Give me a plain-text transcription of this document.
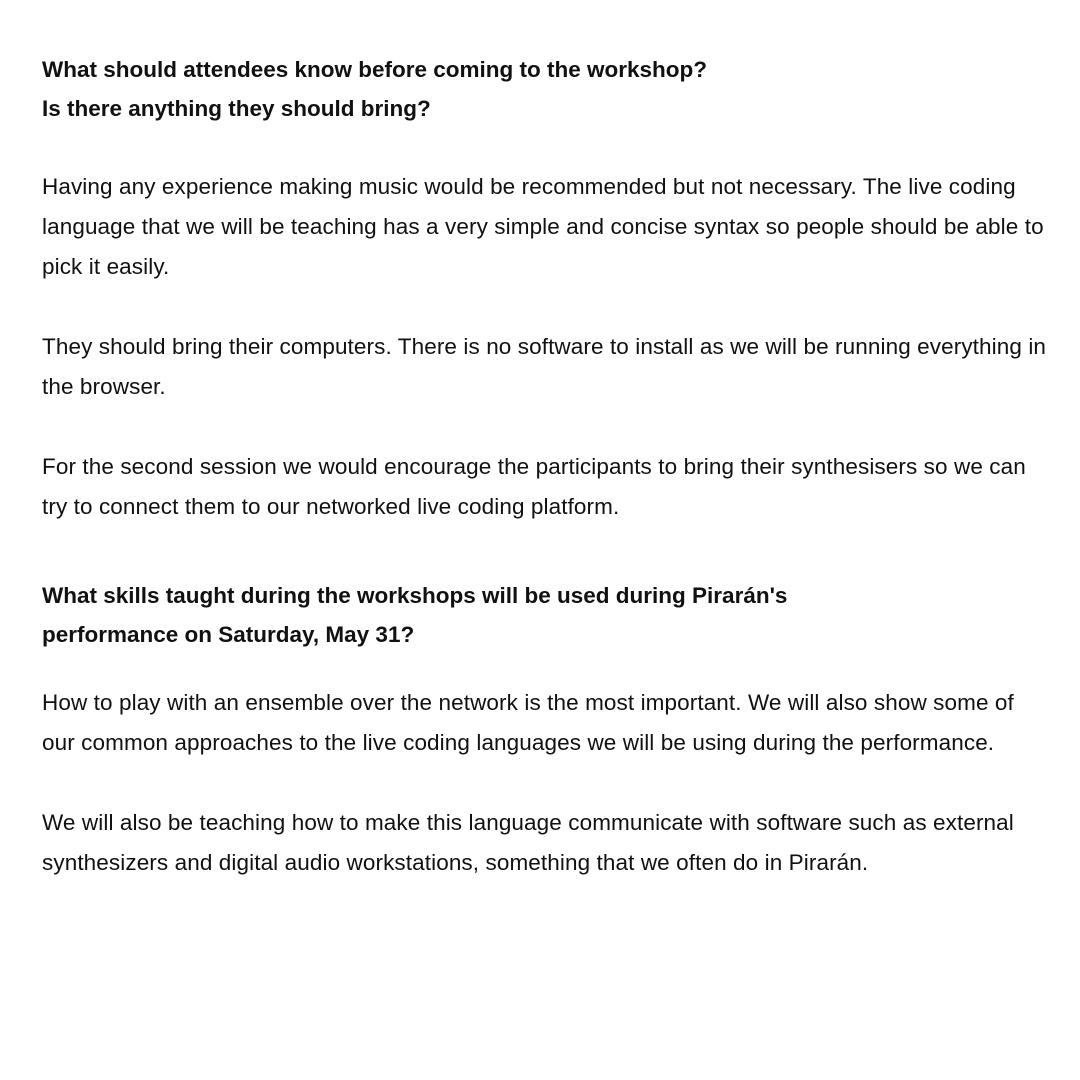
What should attendees know before coming to the workshop?

Is there anything they should bring?

Having any experience making music would be recommended but not necessary. The live coding language that we will be teaching has a very simple and concise syntax so people should be able to pick it easily.

They should bring their computers. There is no software to install as we will be running everything in the browser.

For the second session we would encourage the participants to bring their synthesisers so we can try to connect them to our networked live coding platform.

What skills taught during the workshops will be used during Pirarán's

performance on Saturday, May 31?

How to play with an ensemble over the network is the most important. We will also show some of our common approaches to the live coding languages we will be using during the performance.

We will also be teaching how to make this language communicate with software such as external synthesizers and digital audio workstations, something that we often do in Pirarán.
